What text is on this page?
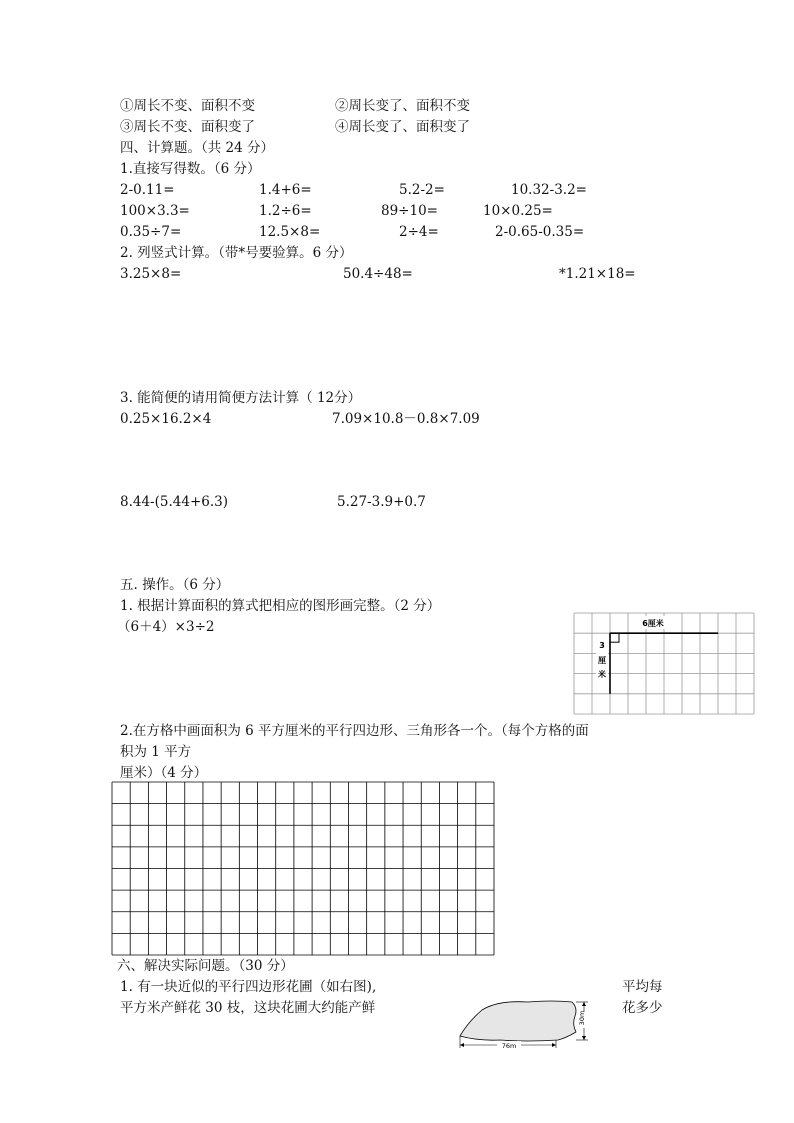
①周长不变、面积不变	②周长变了、面积不变
③周长不变、面积变了	④周长变了、面积变了
四、计算题。（共 24 分）
1.直接写得数。（6 分）
2-0.11=	1.4+6=	5.2-2=	10.32-3.2=
100×3.3=	1.2÷6=	89÷10=	10×0.25=
0.35÷7=	12.5×8=	2÷4=	2-0.65-0.35=
2. 列竖式计算。（带*号要验算。6 分）
3.25×8=	50.4÷48=	*1.21×18=
3. 能简便的请用简便方法计算（ 12分）
0.25×16.2×4	7.09×10.8－0.8×7.09
8.44-(5.44+6.3)	5.27-3.9+0.7
五. 操作。（6 分）
1. 根据计算面积的算式把相应的图形画完整。（2 分）
（6＋4）×3÷2	6厘米
3
厘
米
2.在方格中画面积为 6 平方厘米的平行四边形、三角形各一个。（每个方格的面
积为 1 平方
厘米）（4 分）
六、解决实际问题。（30 分）
1. 有一块近似的平行四边形花圃（如右图),	平均每
平方米产鲜花 30 枝，这块花圃大约能产鲜	花多少
76m
30m
